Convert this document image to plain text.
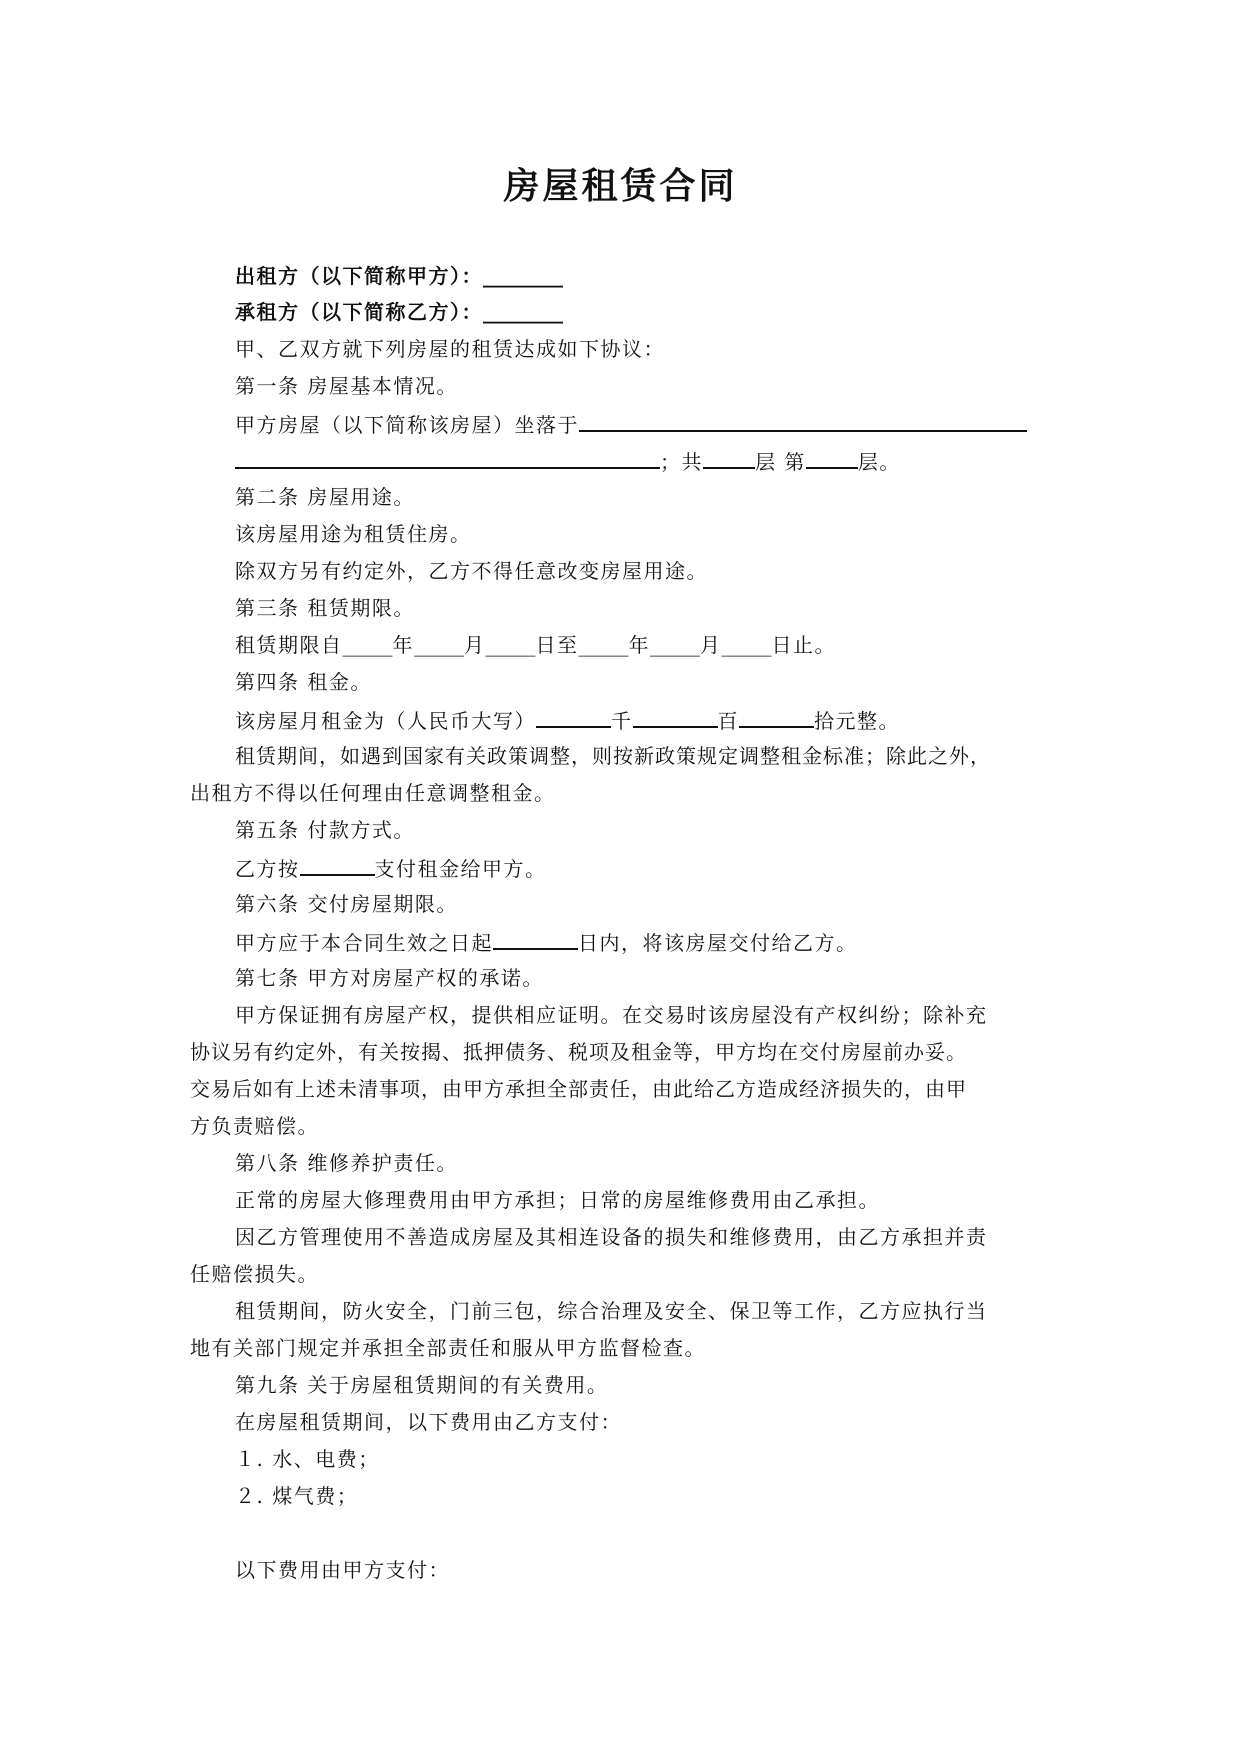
房屋租赁合同
出租方（以下简称甲方）：________
承租方（以下简称乙方）：________
甲、乙双方就下列房屋的租赁达成如下协议：
第一条 房屋基本情况。
甲方房屋（以下简称该房屋）坐落于
；共	层 第	层。
第二条 房屋用途。
该房屋用途为租赁住房。
除双方另有约定外，乙方不得任意改变房屋用途。
第三条 租赁期限。
租赁期限自_____年_____月_____日至_____年_____月_____日止。
第四条 租金。
该房屋月租金为（人民币大写）	千	百	拾元整。
租赁期间，如遇到国家有关政策调整，则按新政策规定调整租金标准；除此之外，
出租方不得以任何理由任意调整租金。
第五条 付款方式。
乙方按	支付租金给甲方。
第六条 交付房屋期限。
甲方应于本合同生效之日起	日内，将该房屋交付给乙方。
第七条 甲方对房屋产权的承诺。
甲方保证拥有房屋产权，提供相应证明。在交易时该房屋没有产权纠纷；除补充
协议另有约定外，有关按揭、抵押债务、税项及租金等，甲方均在交付房屋前办妥。
交易后如有上述未清事项，由甲方承担全部责任，由此给乙方造成经济损失的，由甲
方负责赔偿。
第八条 维修养护责任。
正常的房屋大修理费用由甲方承担；日常的房屋维修费用由乙承担。
因乙方管理使用不善造成房屋及其相连设备的损失和维修费用，由乙方承担并责
任赔偿损失。
租赁期间，防火安全，门前三包，综合治理及安全、保卫等工作，乙方应执行当
地有关部门规定并承担全部责任和服从甲方监督检查。
第九条 关于房屋租赁期间的有关费用。
在房屋租赁期间，以下费用由乙方支付：
１. 水、电费；
２. 煤气费；
以下费用由甲方支付：
